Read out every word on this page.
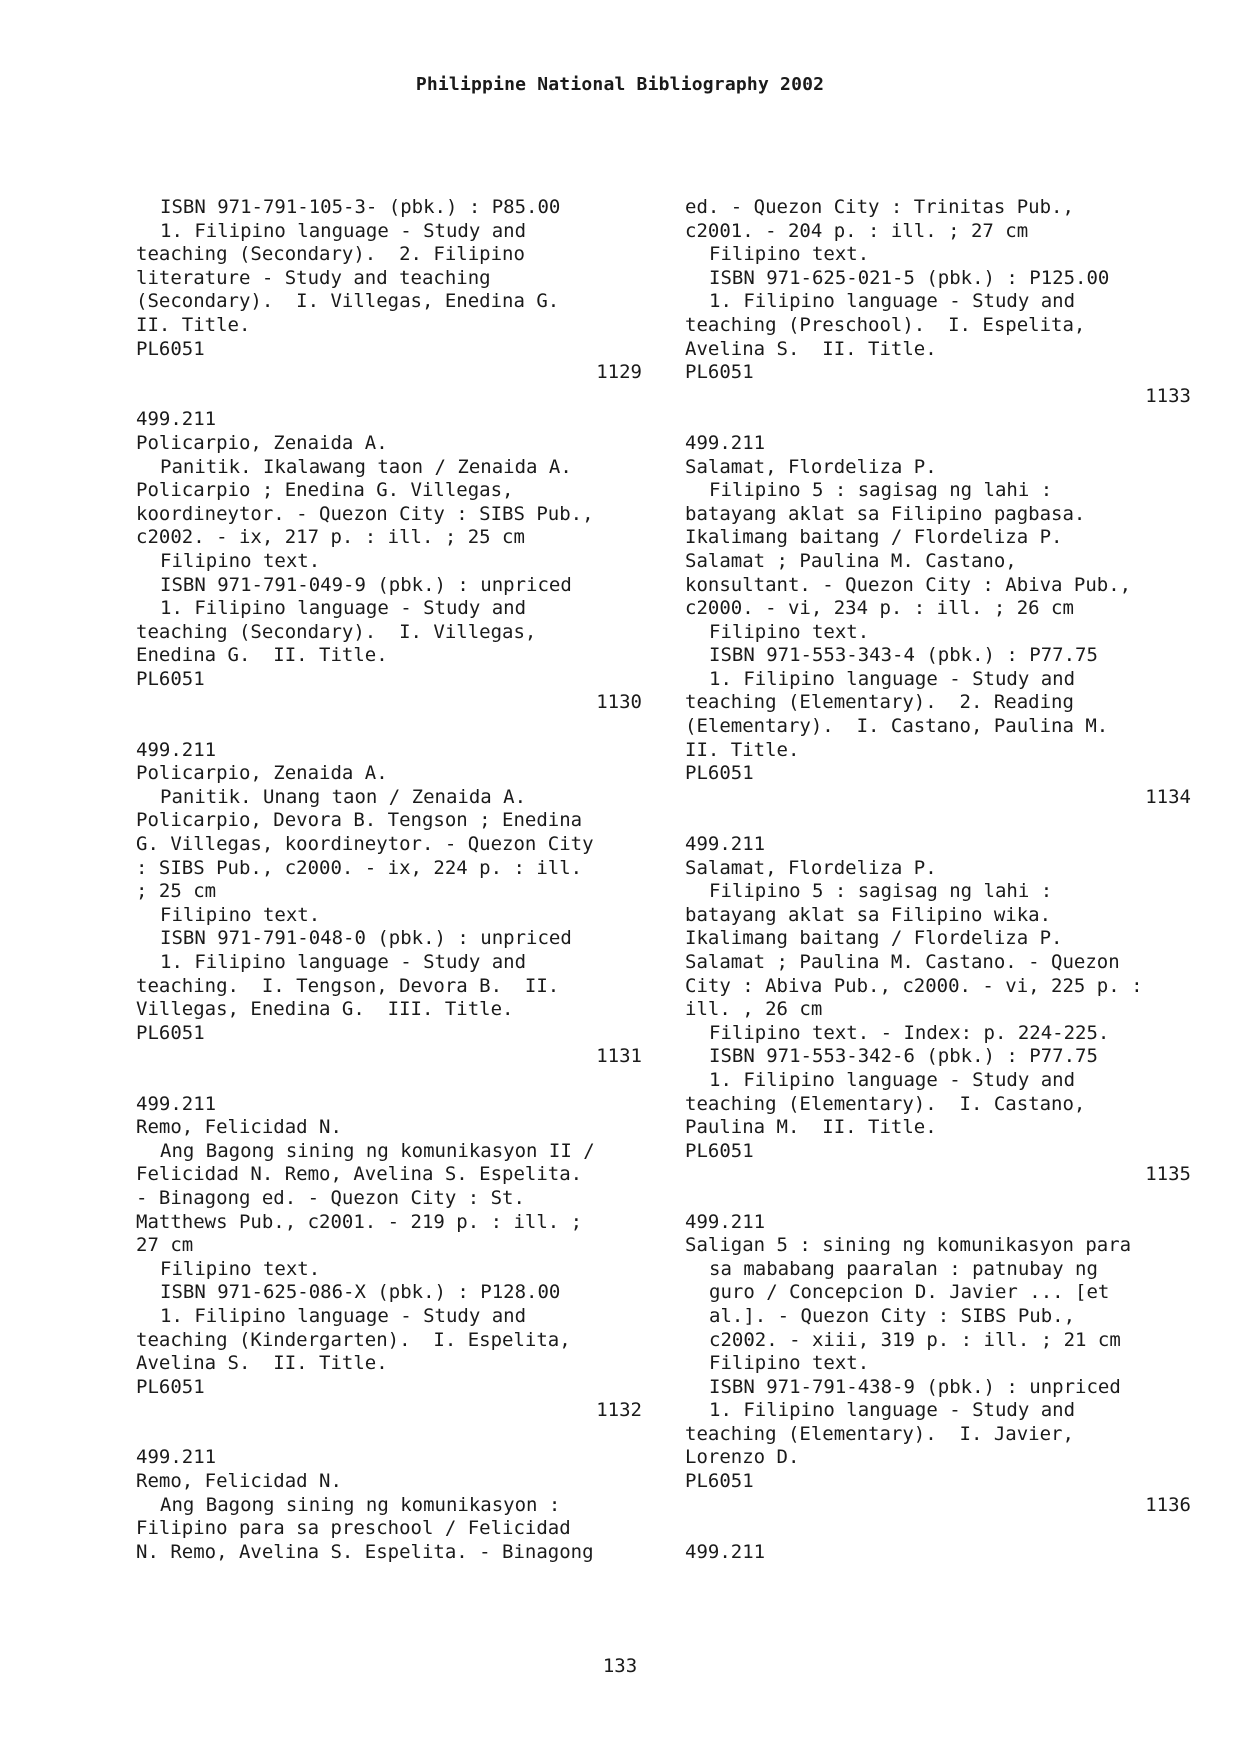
Philippine National Bibliography 2002
ISBN 971-791-105-3- (pbk.) : P85.00
1. Filipino language - Study and
teaching (Secondary).  2. Filipino
literature - Study and teaching
(Secondary).  I. Villegas, Enedina G.
II. Title.
PL6051
1129
499.211
Policarpio, Zenaida A.
Panitik. Ikalawang taon / Zenaida A.
Policarpio ; Enedina G. Villegas,
koordineytor. - Quezon City : SIBS Pub.,
c2002. - ix, 217 p. : ill. ; 25 cm
Filipino text.
ISBN 971-791-049-9 (pbk.) : unpriced
1. Filipino language - Study and
teaching (Secondary).  I. Villegas,
Enedina G.  II. Title.
PL6051
1130
499.211
Policarpio, Zenaida A.
Panitik. Unang taon / Zenaida A.
Policarpio, Devora B. Tengson ; Enedina
G. Villegas, koordineytor. - Quezon City
: SIBS Pub., c2000. - ix, 224 p. : ill.
; 25 cm
Filipino text.
ISBN 971-791-048-0 (pbk.) : unpriced
1. Filipino language - Study and
teaching.  I. Tengson, Devora B.  II.
Villegas, Enedina G.  III. Title.
PL6051
1131
499.211
Remo, Felicidad N.
Ang Bagong sining ng komunikasyon II /
Felicidad N. Remo, Avelina S. Espelita.
- Binagong ed. - Quezon City : St.
Matthews Pub., c2001. - 219 p. : ill. ;
27 cm
Filipino text.
ISBN 971-625-086-X (pbk.) : P128.00
1. Filipino language - Study and
teaching (Kindergarten).  I. Espelita,
Avelina S.  II. Title.
PL6051
1132
499.211
Remo, Felicidad N.
Ang Bagong sining ng komunikasyon :
Filipino para sa preschool / Felicidad
N. Remo, Avelina S. Espelita. - Binagong
ed. - Quezon City : Trinitas Pub.,
c2001. - 204 p. : ill. ; 27 cm
Filipino text.
ISBN 971-625-021-5 (pbk.) : P125.00
1. Filipino language - Study and
teaching (Preschool).  I. Espelita,
Avelina S.  II. Title.
PL6051
1133
499.211
Salamat, Flordeliza P.
Filipino 5 : sagisag ng lahi :
batayang aklat sa Filipino pagbasa.
Ikalimang baitang / Flordeliza P.
Salamat ; Paulina M. Castano,
konsultant. - Quezon City : Abiva Pub.,
c2000. - vi, 234 p. : ill. ; 26 cm
Filipino text.
ISBN 971-553-343-4 (pbk.) : P77.75
1. Filipino language - Study and
teaching (Elementary).  2. Reading
(Elementary).  I. Castano, Paulina M.
II. Title.
PL6051
1134
499.211
Salamat, Flordeliza P.
Filipino 5 : sagisag ng lahi :
batayang aklat sa Filipino wika.
Ikalimang baitang / Flordeliza P.
Salamat ; Paulina M. Castano. - Quezon
City : Abiva Pub., c2000. - vi, 225 p. :
ill. , 26 cm
Filipino text. - Index: p. 224-225.
ISBN 971-553-342-6 (pbk.) : P77.75
1. Filipino language - Study and
teaching (Elementary).  I. Castano,
Paulina M.  II. Title.
PL6051
1135
499.211
Saligan 5 : sining ng komunikasyon para
sa mababang paaralan : patnubay ng
guro / Concepcion D. Javier ... [et
al.]. - Quezon City : SIBS Pub.,
c2002. - xiii, 319 p. : ill. ; 21 cm
Filipino text.
ISBN 971-791-438-9 (pbk.) : unpriced
1. Filipino language - Study and
teaching (Elementary).  I. Javier,
Lorenzo D.
PL6051
1136
499.211
133
